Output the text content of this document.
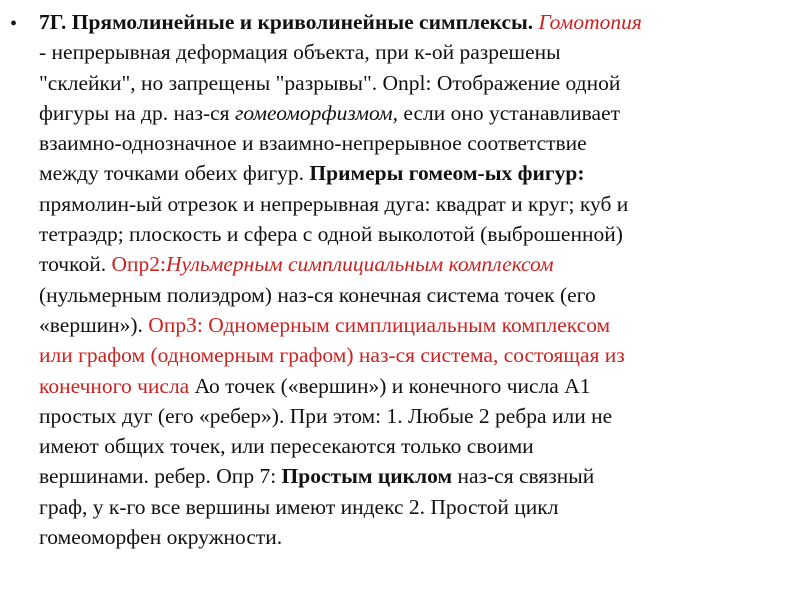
• 7Г. Прямолинейные и криволинейные симплексы. Гомотопия
- непрерывная деформация объекта, при к-ой разрешены
"склейки", но запрещены "разрывы". Onpl: Отображение одной
фигуры на др. наз-ся гомеоморфизмом, если оно устанавливает
взаимно-однозначное и взаимно-непрерывное соответствие
между точками обеих фигур. Примеры гомеом-ых фигур:
прямолин-ый отрезок и непрерывная дуга: квадрат и круг; куб и
тетраэдр; плоскость и сфера с одной выколотой (выброшенной)
точкой. Опр2:Нульмерным симплициальным комплексом
(нульмерным полиэдром) наз-ся конечная система точек (его
«вершин»). ОпрЗ: Одномерным симплициальным комплексом
или графом (одномерным графом) наз-ся система, состоящая из
конечного числа Ао точек («вершин») и конечного числа А1
простых дуг (его «ребер»). При этом: 1. Любые 2 ребра или не
имеют общих точек, или пересекаются только своими
вершинами. ребер. Опр 7: Простым циклом наз-ся связный
граф, у к-го все вершины имеют индекс 2. Простой цикл
гомеоморфен окружности.
